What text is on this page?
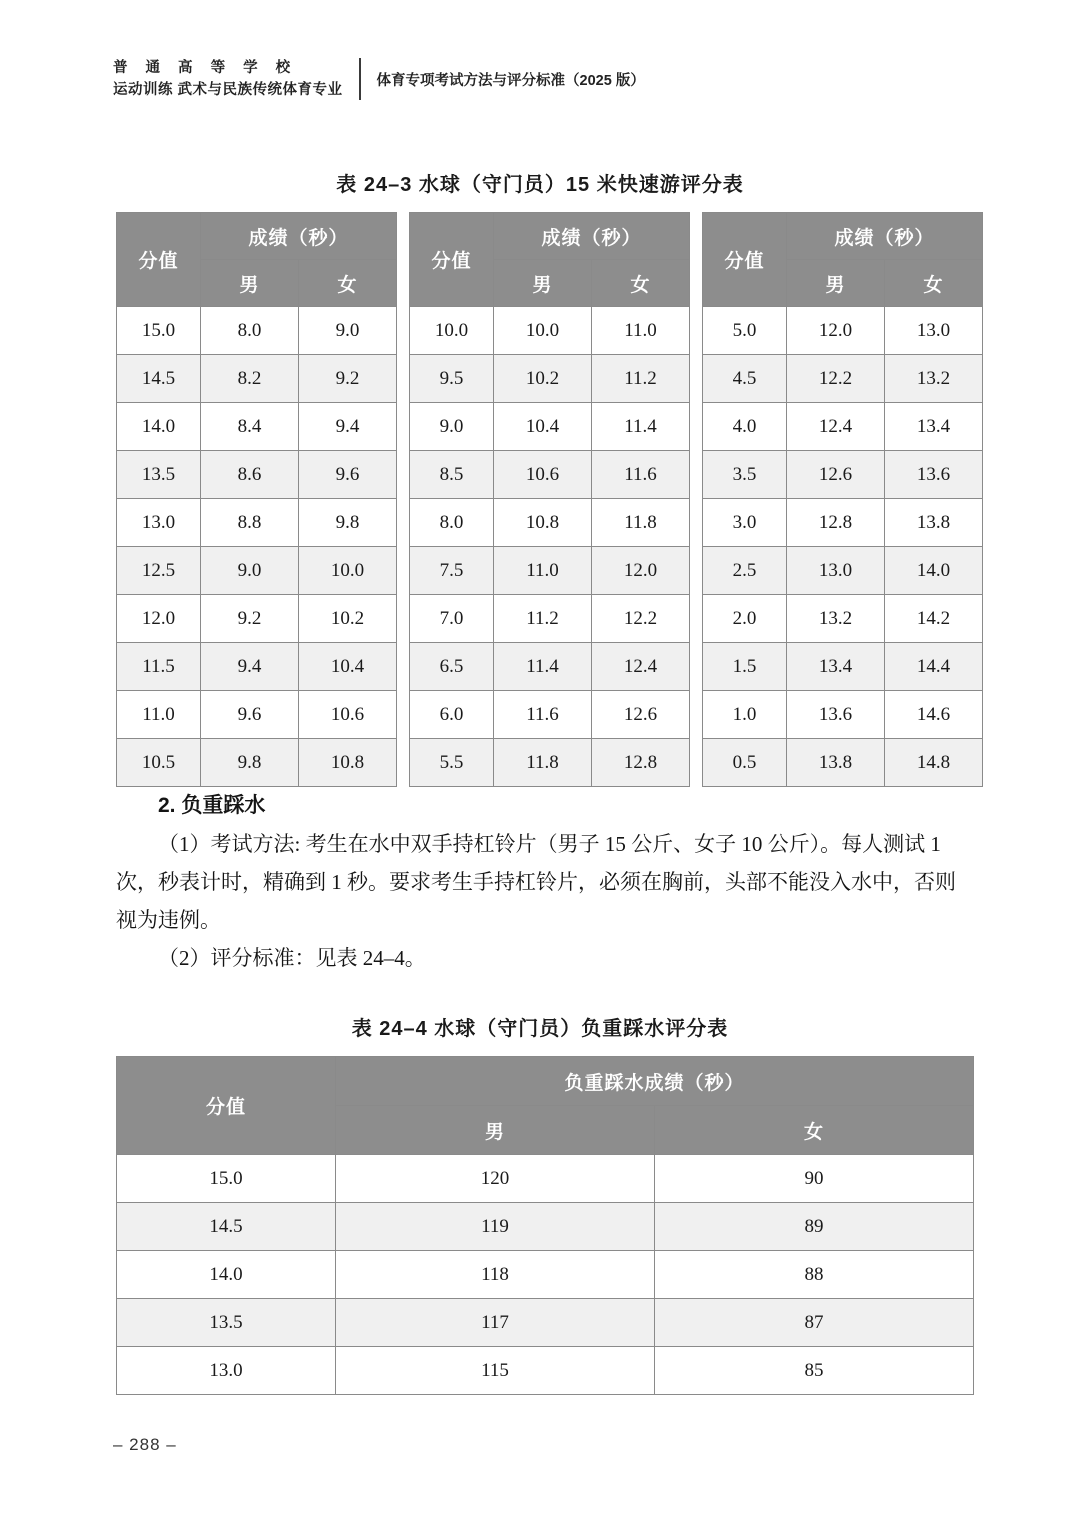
普 通 高 等 学 校
运动训练 武术与民族传统体育专业
体育专项考试方法与评分标准（2025 版）
表 24–3 水球（守门员）15 米快速游评分表
分值	成绩（秒）	
	男	女
15.0	8.0	9.0
14.5	8.2	9.2
14.0	8.4	9.4
13.5	8.6	9.6
13.0	8.8	9.8
12.5	9.0	10.0
12.0	9.2	10.2
11.5	9.4	10.4
11.0	9.6	10.6
10.5	9.8	10.8
分值	成绩（秒）	
	男	女
10.0	10.0	11.0
9.5	10.2	11.2
9.0	10.4	11.4
8.5	10.6	11.6
8.0	10.8	11.8
7.5	11.0	12.0
7.0	11.2	12.2
6.5	11.4	12.4
6.0	11.6	12.6
5.5	11.8	12.8
分值	成绩（秒）	
	男	女
5.0	12.0	13.0
4.5	12.2	13.2
4.0	12.4	13.4
3.5	12.6	13.6
3.0	12.8	13.8
2.5	13.0	14.0
2.0	13.2	14.2
1.5	13.4	14.4
1.0	13.6	14.6
0.5	13.8	14.8

2. 负重踩水

（1）考试方法: 考生在水中双手持杠铃片（男子 15 公斤、女子 10 公斤）。每人测试 1 次，秒表计时，精确到 1 秒。要求考生手持杠铃片，必须在胸前，头部不能没入水中，否则视为违例。

（2）评分标准：见表 24–4。

表 24–4 水球（守门员）负重踩水评分表
分值	负重踩水成绩（秒）	
	男	女
15.0	120	90
14.5	119	89
14.0	118	88
13.5	117	87
13.0	115	85
– 288 –
